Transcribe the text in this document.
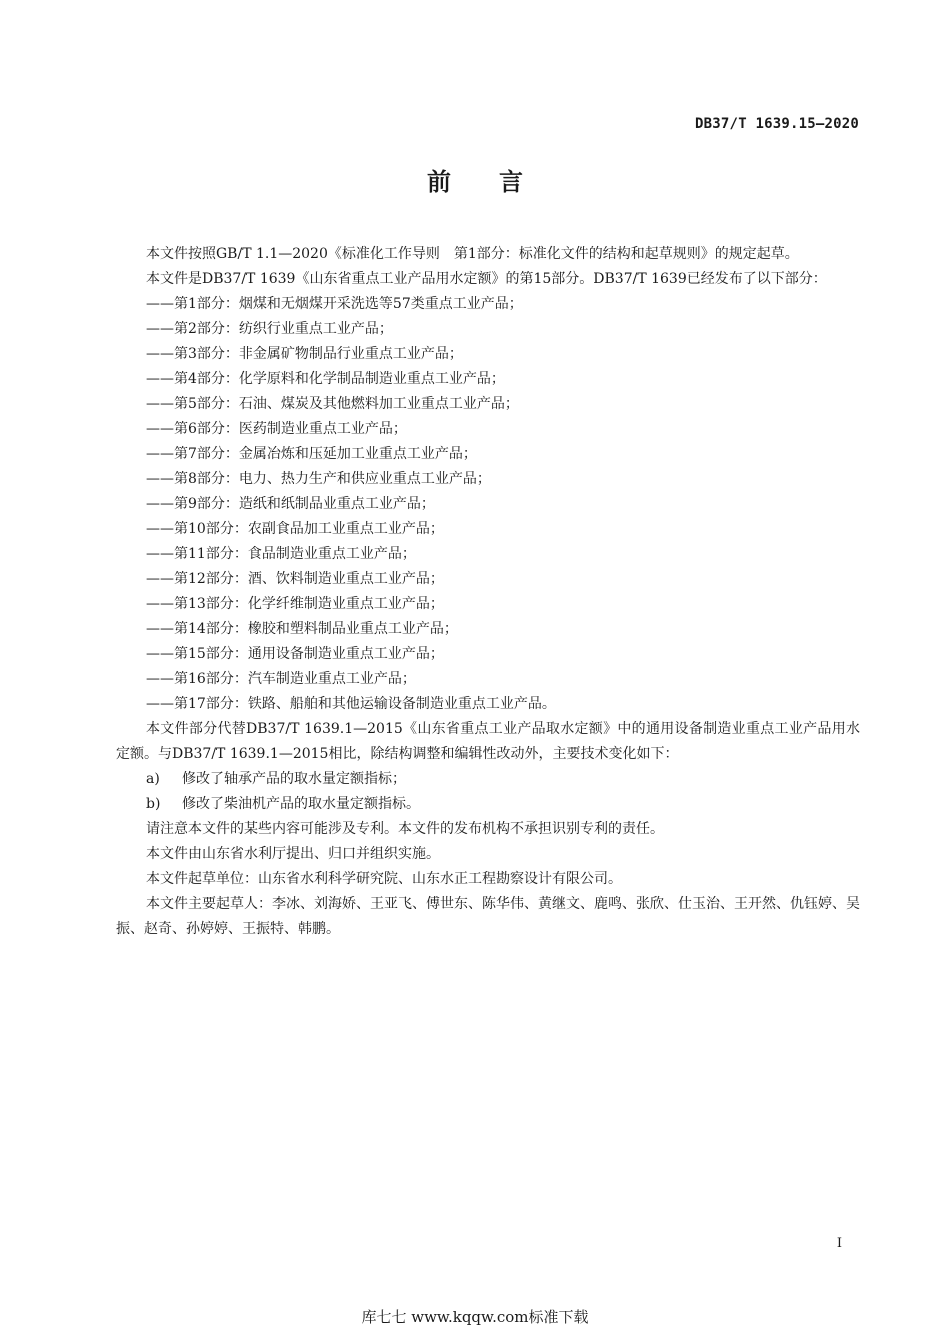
DB37/T 1639.15—2020
前言

本文件按照GB/T 1.1—2020《标准化工作导则　第1部分：标准化文件的结构和起草规则》的规定起草。

本文件是DB37/T 1639《山东省重点工业产品用水定额》的第15部分。DB37/T 1639已经发布了以下部分：

——第1部分：烟煤和无烟煤开采洗选等57类重点工业产品；

——第2部分：纺织行业重点工业产品；

——第3部分：非金属矿物制品行业重点工业产品；

——第4部分：化学原料和化学制品制造业重点工业产品；

——第5部分：石油、煤炭及其他燃料加工业重点工业产品；

——第6部分：医药制造业重点工业产品；

——第7部分：金属冶炼和压延加工业重点工业产品；

——第8部分：电力、热力生产和供应业重点工业产品；

——第9部分：造纸和纸制品业重点工业产品；

——第10部分：农副食品加工业重点工业产品；

——第11部分：食品制造业重点工业产品；

——第12部分：酒、饮料制造业重点工业产品；

——第13部分：化学纤维制造业重点工业产品；

——第14部分：橡胶和塑料制品业重点工业产品；

——第15部分：通用设备制造业重点工业产品；

——第16部分：汽车制造业重点工业产品；

——第17部分：铁路、船舶和其他运输设备制造业重点工业产品。

本文件部分代替DB37/T 1639.1—2015《山东省重点工业产品取水定额》中的通用设备制造业重点工业产品用水定额。与DB37/T 1639.1—2015相比，除结构调整和编辑性改动外，主要技术变化如下：

a) 修改了轴承产品的取水量定额指标；

b) 修改了柴油机产品的取水量定额指标。

请注意本文件的某些内容可能涉及专利。本文件的发布机构不承担识别专利的责任。

本文件由山东省水利厅提出、归口并组织实施。

本文件起草单位：山东省水利科学研究院、山东水正工程勘察设计有限公司。

本文件主要起草人：李冰、刘海娇、王亚飞、傅世东、陈华伟、黄继文、鹿鸣、张欣、仕玉治、王开然、仇钰婷、吴振、赵奇、孙婷婷、王振特、韩鹏。

I
库七七 www.kqqw.com标准下载
